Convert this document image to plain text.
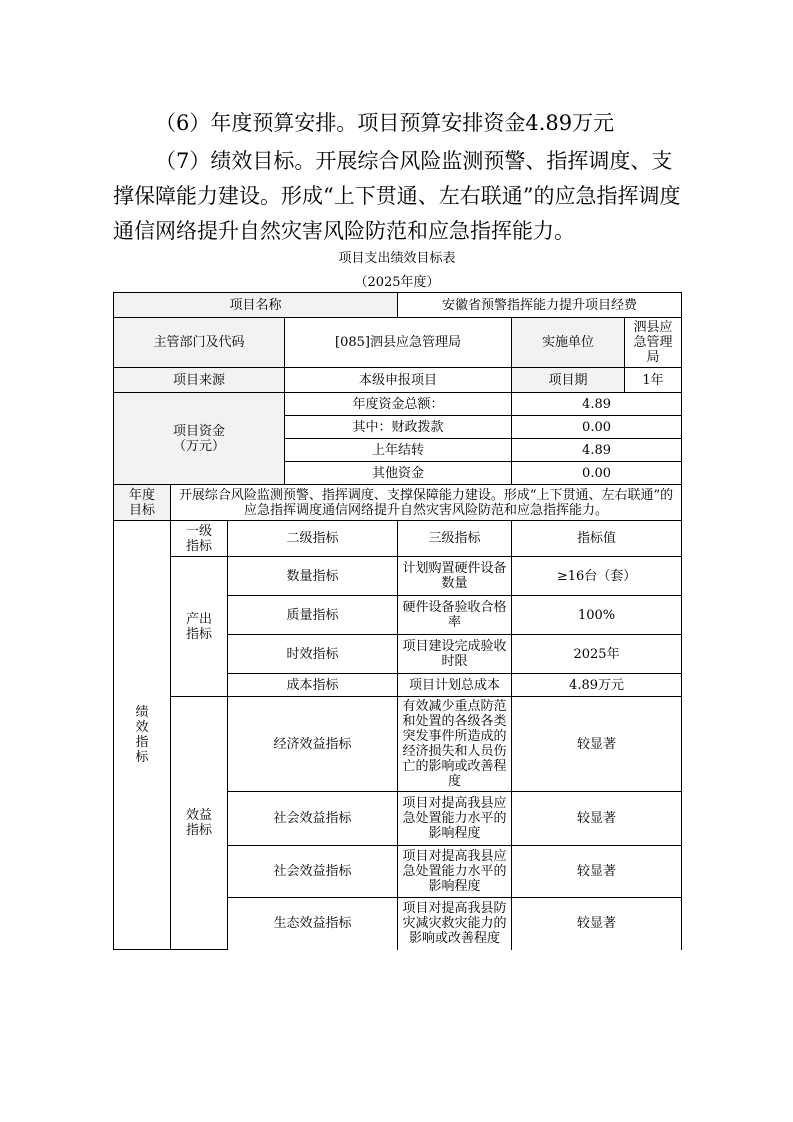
（6）年度预算安排。项目预算安排资金4.89万元

（7）绩效目标。开展综合风险监测预警、指挥调度、支撑保障能力建设。形成“上下贯通、左右联通”的应急指挥调度通信网络提升自然灾害风险防范和应急指挥能力。

项目支出绩效目标表
（2025年度）
项目名称				安徽省预警指挥能力提升项目经费		
主管部门及代码			[085]泗县应急管理局		实施单位	泗县应急管理局
项目来源			本级申报项目		项目期	1年
项目资金（万元）			年度资金总额：		4.89	
			其中：财政拨款		0.00	
			上年结转		4.89	
			其他资金		0.00	
年度目标	开展综合风险监测预警、指挥调度、支撑保障能力建设。形成“上下贯通、左右联通”的应急指挥调度通信网络提升自然灾害风险防范和应急指挥能力。					
绩效指标	一级指标	二级指标		三级指标	指标值	
	产出指标	数量指标		计划购置硬件设备数量	≥16台（套）	
		质量指标		硬件设备验收合格率	100%	
		时效指标		项目建设完成验收时限	2025年	
		成本指标		项目计划总成本	4.89万元	
	效益指标	经济效益指标		有效减少重点防范和处置的各级各类突发事件所造成的经济损失和人员伤亡的影响或改善程度	较显著	
		社会效益指标		项目对提高我县应急处置能力水平的影响程度	较显著	
		社会效益指标		项目对提高我县应急处置能力水平的影响程度	较显著	
		生态效益指标		项目对提高我县防灾减灾救灾能力的影响或改善程度	较显著	
